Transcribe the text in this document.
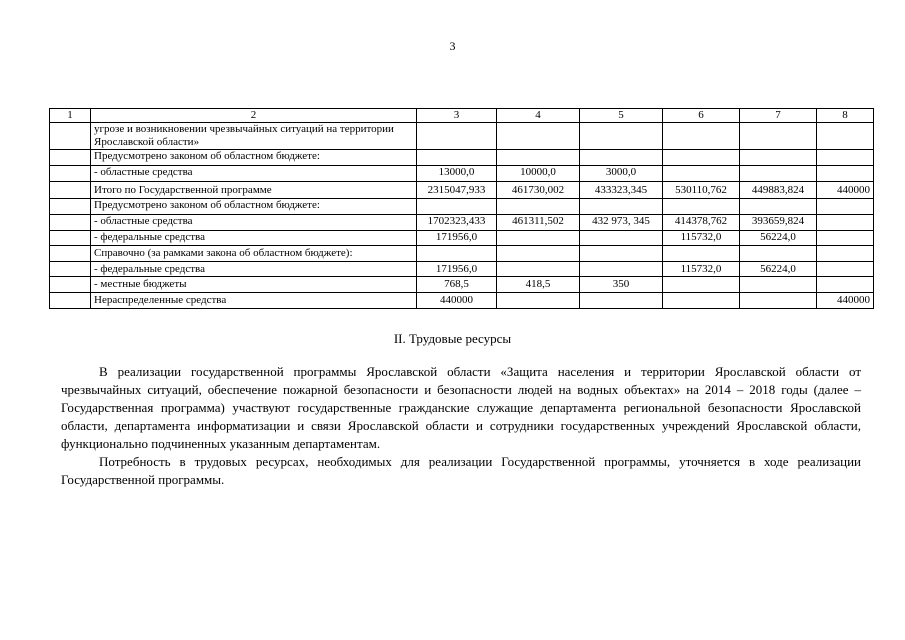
3
1	2	3	4	5	6	7	8
	угрозе и возникновении чрезвычайных ситуаций на территории Ярославской области»						
	Предусмотрено законом об областном бюджете:						
	- областные средства	13000,0	10000,0	3000,0			
	Итого по Государственной программе	2315047,933	461730,002	433323,345	530110,762	449883,824	440000
	Предусмотрено законом об областном бюджете:						
	- областные средства	1702323,433	461311,502	432 973, 345	414378,762	393659,824	
	- федеральные средства	171956,0			115732,0	56224,0	
	Справочно (за рамками закона об областном бюджете):						
	- федеральные средства	171956,0			115732,0	56224,0	
	- местные бюджеты	768,5	418,5	350			
	Нераспределенные средства	440000					440000
II. Трудовые ресурсы

В реализации государственной программы Ярославской области «Защита населения и территории Ярославской области от чрезвычайных ситуаций, обеспечение пожарной безопасности и безопасности людей на водных объектах» на 2014 – 2018 годы (далее – Государственная программа) участвуют государственные гражданские служащие департамента региональной безопасности Ярославской области, департамента информатизации и связи Ярославской области и сотрудники государственных учреждений Ярославской области, функционально подчиненных указанным департаментам.

Потребность в трудовых ресурсах, необходимых для реализации Государственной программы, уточняется в ходе реализации Государственной программы.
